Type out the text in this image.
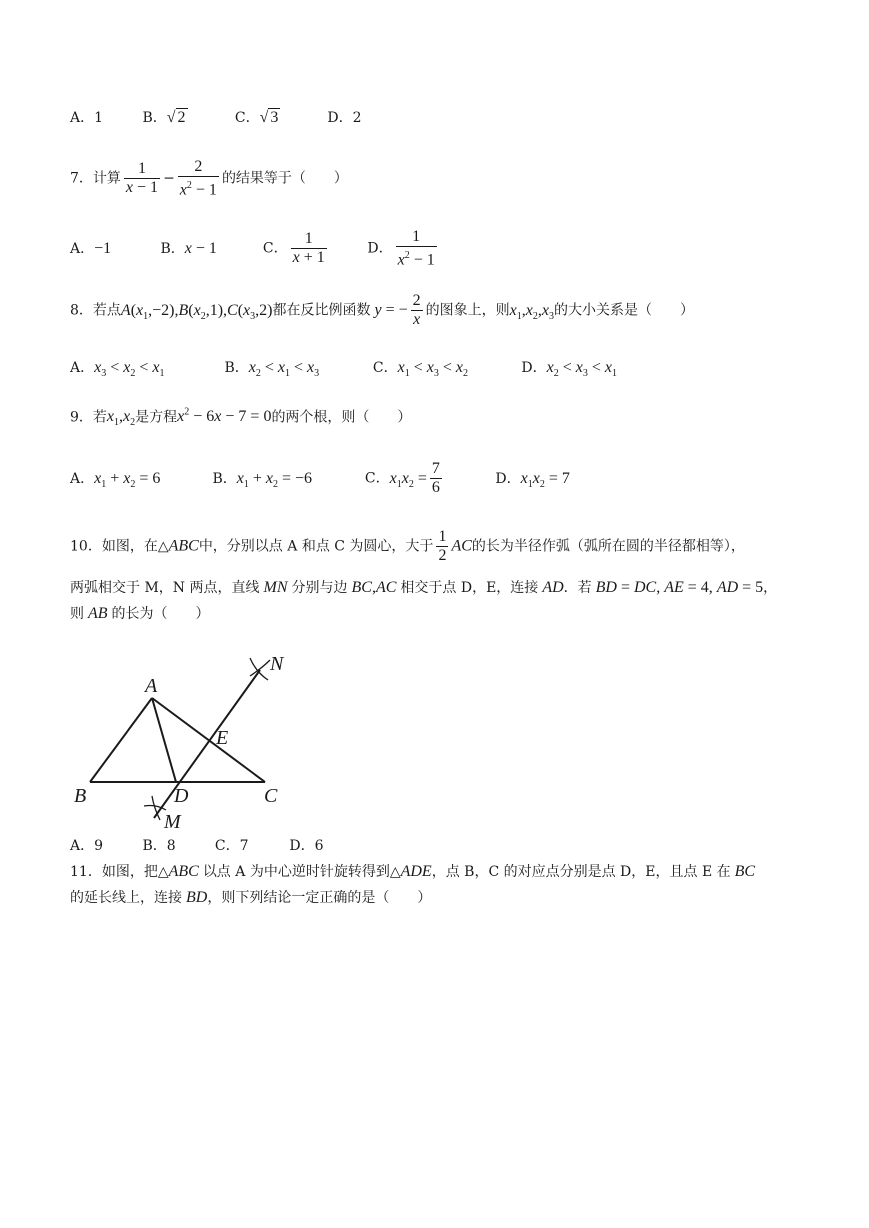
A．1	B．√ 2	C．√ 3	D．2
7．计算 $\frac{1}{x - 1} - \frac{2}{x^2 - 1}$ 的结果等于（　　）
A．−1	B．x − 1	C． $\frac{1}{x + 1}$	D． $\frac{1}{x^2 - 1}$
8．若点$A(x_1,-2),B(x_2,1),C(x_3,2)$都在反比例函数 y = − $\frac{2}{x}$ 的图象上，则$x_1,x_2,x_3$的大小关系是（　　）
A．$x_3 < x_2 < x_1$	B．$x_2 < x_1 < x_3$	C．$x_1 < x_3 < x_2$	D．$x_2 < x_3 < x_1$
9．若$x_1,x_2$是方程$x^2 - 6x - 7 = 0$的两个根，则（　　）
A．$x_1 + x_2 = 6$	B．$x_1 + x_2 = -6$	C．$x_1x_2 = \frac{7}{6}$	D．$x_1x_2 = 7$
10．如图，在△ABC中，分别以点 A 和点 C 为圆心，大于 $\frac{1}{2}$ AC的长为半径作弧（弧所在圆的半径都相等），
两弧相交于 M，N 两点，直线 MN 分别与边 BC,AC 相交于点 D，E，连接 AD．若 BD = DC, AE = 4, AD = 5，
则 AB 的长为（　　）
A
B	C
D
E
M
N
A．9	B．8	C．7	D．6
11．如图，把△ABC 以点 A 为中心逆时针旋转得到△ADE，点 B，C 的对应点分别是点 D，E，且点 E 在 BC
的延长线上，连接 BD，则下列结论一定正确的是（　　）
